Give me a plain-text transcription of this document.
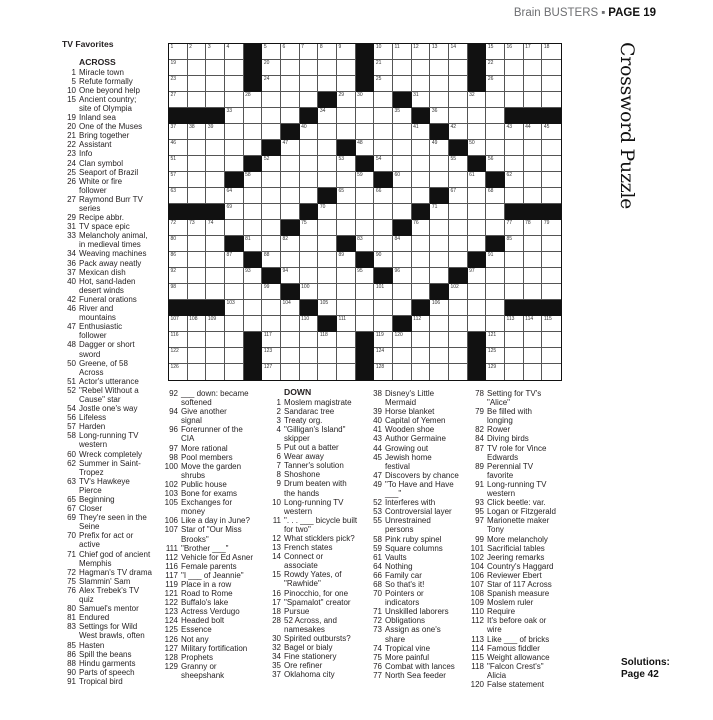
Brain BUSTERS ▪ PAGE 19
Crossword Puzzle
TV Favorites	1	2	3	4	5	6	7	8	9	10	11	12	13	14	15	16	17	18
19	20	21	22
23	24	25	26
27	28	29	30	31	32
33	34	35	36
37	38	39	40	41	42	43	44	45
46	47	48	49	50
51	52	53	54	55	56
57	58	59	60	61	62
63	64	65	66	67	68
69	70	71
72	73	74	75	76	77	78	79
80	81	82	83	84	85
86	87	88	89	90	91
92	93	94	95	96	97
98	99	100	101	102
103	104	105	106
107 108 109	110	111	112	113 114 115
116	117	118	119 120	121
122	123	124	125
126	127	128	129
ACROSS
1 Miracle town
5 Refute formally
10 One beyond help
15 Ancient country;
site of Olympia
19 Inland sea
20 One of the Muses
21 Bring together
22 Assistant
23 Info
24 Clan symbol
25 Seaport of Brazil
26 White or fire
follower
27 Raymond Burr TV
series
29 Recipe abbr.
31 TV space epic
33 Melancholy animal,
in medieval times
34 Weaving machines
36 Pack away neatly
37 Mexican dish
40 Hot, sand-laden
desert winds
42 Funeral orations
46 River and
mountains
47 Enthusiastic
follower
48 Dagger or short
sword
50 Greene, of 58
Across
51 Actor's utterance
52 "Rebel Without a
Cause" star
54 Jostle one's way
56 Lifeless
57 Harden
58 Long-running TV
western
60 Wreck completely
62 Summer in Saint-
Tropez
63 TV's Hawkeye
Pierce
65 Beginning
67 Closer
69 They're seen in the
Seine
70 Prefix for act or
active
71 Chief god of ancient
Memphis
72 Hagman's TV drama
75 Slammin' Sam
76 Alex Trebek's TV
quiz
80 Samuel's mentor
81 Endured
83 Settings for Wild
West brawls, often
85 Hasten
86 Spill the beans
88 Hindu garments
90 Parts of speech
91 Tropical bird
92 ___ down: became
softened
94 Give another
signal
96 Forerunner of the
CIA
97 More rational
98 Pool members
100 Move the garden
shrubs
102 Public house
103 Bone for exams
105 Exchanges for
money
106 Like a day in June?
107 Star of "Our Miss
Brooks"
111 "Brother ___"
112 Vehicle for Ed Asner
116 Female parents
117 "I ___ of Jeannie"
119 Place in a row
121 Road to Rome
122 Buffalo's lake
123 Actress Verdugo
124 Headed bolt
125 Essence
126 Not any
127 Military fortification
128 Prophets
129 Granny or
sheepshank
DOWN
1 Moslem magistrate
2 Sandarac tree
3 Treaty org.
4 "Gilligan's Island"
skipper
5 Put out a batter
6 Wear away
7 Tanner's solution
8 Shoshone
9 Drum beaten with
the hands
10 Long-running TV
western
11 ". . . ___ bicycle built
for two"
12 What sticklers pick?
13 French states
14 Connect or
associate
15 Rowdy Yates, of
"Rawhide"
16 Pinocchio, for one
17 "Spamalot" creator
18 Pursue
28 52 Across, and
namesakes
30 Spirited outbursts?
32 Bagel or bialy
34 Fine stationery
35 Ore refiner
37 Oklahoma city
38 Disney's Little
Mermaid
39 Horse blanket
40 Capital of Yemen
41 Wooden shoe
43 Author Germaine
44 Growing out
45 Jewish home
festival
47 Discovers by chance
49 "To Have and Have
___"
52 Interferes with
53 Controversial layer
55 Unrestrained
persons
58 Pink ruby spinel
59 Square columns
61 Vaults
64 Nothing
66 Family car
68 So that's it!
70 Pointers or
indicators
71 Unskilled laborers
72 Obligations
73 Assign as one's
share
74 Tropical vine
75 More painful
76 Combat with lances
77 North Sea feeder
78 Setting for TV's
"Alice"
79 Be filled with
longing
82 Rower
84 Diving birds
87 TV role for Vince
Edwards
89 Perennial TV
favorite
91 Long-running TV
western
93 Click beetle: var.
95 Logan or Fitzgerald
97 Marionette maker
Tony
99 More melancholy
101 Sacrificial tables
102 Jeering remarks
104 Country's Haggard
106 Reviewer Ebert
107 Star of 117 Across
108 Spanish measure
109 Moslem ruler
110 Require
112 It's before oak or
wire
113 Like ___ of bricks
114 Famous fiddler
115 Weight allowance
118 "Falcon Crest's"
Alicia
120 False statement
Solutions:
Page 42
